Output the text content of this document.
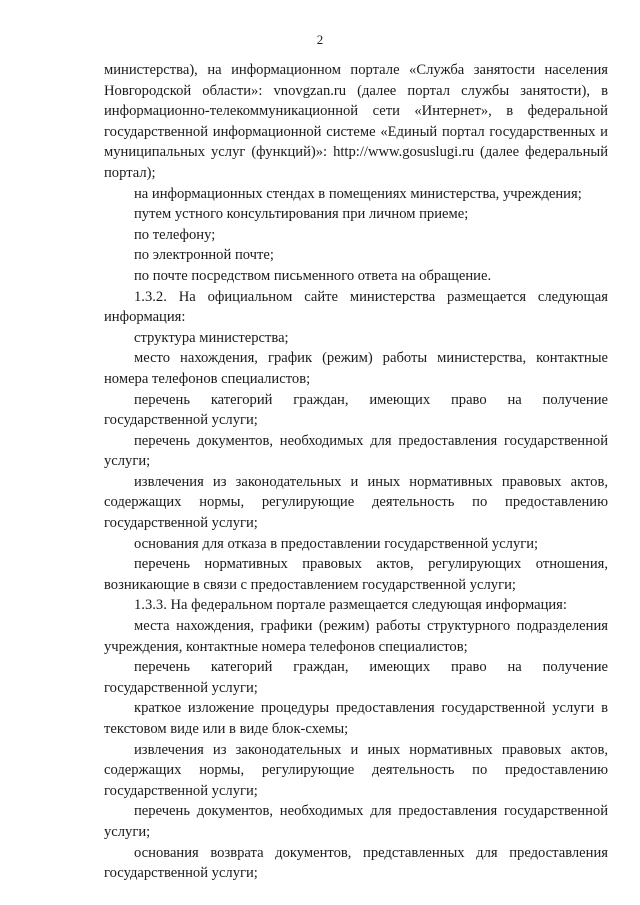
2

министерства), на информационном портале «Служба занятости населения Новгородской области»: vnovgzan.ru (далее портал службы занятости), в информационно-телекоммуникационной сети «Интернет», в федеральной государственной информационной системе «Единый портал государственных и муниципальных услуг (функций)»: http://www.gosuslugi.ru (далее федеральный портал);

на информационных стендах в помещениях министерства, учреждения;

путем устного консультирования при личном приеме;

по телефону;

по электронной почте;

по почте посредством письменного ответа на обращение.

1.3.2. На официальном сайте министерства размещается следующая информация:

структура министерства;

место нахождения, график (режим) работы министерства, контактные номера телефонов специалистов;

перечень категорий граждан, имеющих право на получение государственной услуги;

перечень документов, необходимых для предоставления государственной услуги;

извлечения из законодательных и иных нормативных правовых актов, содержащих нормы, регулирующие деятельность по предоставлению государственной услуги;

основания для отказа в предоставлении государственной услуги;

перечень нормативных правовых актов, регулирующих отношения, возникающие в связи с предоставлением государственной услуги;

1.3.3. На федеральном портале размещается следующая информация:

места нахождения, графики (режим) работы структурного подразделения учреждения, контактные номера телефонов специалистов;

перечень категорий граждан, имеющих право на получение государственной услуги;

краткое изложение процедуры предоставления государственной услуги в текстовом виде или в виде блок-схемы;

извлечения из законодательных и иных нормативных правовых актов, содержащих нормы, регулирующие деятельность по предоставлению государственной услуги;

перечень документов, необходимых для предоставления государственной услуги;

основания возврата документов, представленных для предоставления государственной услуги;
